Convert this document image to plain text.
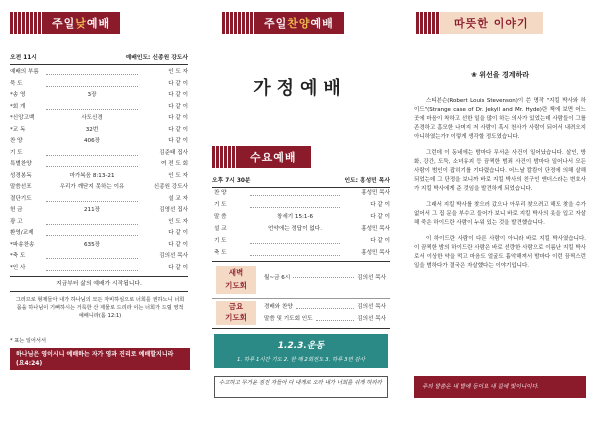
주일 낮 예배
오전 11시	예배인도: 신종원 강도사
예배의 부름	인 도 자
묵 도	다 같 이
*송 영	3장	다 같 이
*회 개	다 같 이
*신앙고백	사도신경	다 같 이
*교 독	32번	다 같 이
찬 양	406장	다 같 이
기 도	김준태 집사
특별찬양	여 전 도 회
성경봉독	마가복음 8:13-21	인 도 자
말씀선포	우리가 깨닫지 못하는 이유	신종원 강도사
결단기도	설 교 자
헌 금	211장	김영선 집사
광 고	인 도 자
환영/교제	다 같 이
*파송찬송	635장	다 같 이
*축 도	김의선 목사
*인 사	다 같 이
지금부터 삶의 예배가 시작됩니다.
그러므로 형제들아 내가 하나님의 모든 자비하심으로 너희를 권하노니 너희 몸을 하나님이 기뻐하시는 거룩한 산 제물로 드리라 이는 너희가 드릴 영적 예배니라(롬 12:1)
* 표는 일어서서
하나님은 영이시니 예배하는 자가 영과 진리로 예배할지니라 (요4:24)
주일 찬양 예배
가정예배
수요예배
오후 7시 30분	인도: 홍성민 목사
찬 양	홍성민 목사
기 도	다 같 이
말 씀	창세기 15:1-6	다 같 이
설 교	언약에는 정답이 없다.	홍성민 목사
기 도	다 같 이
축 도	홍성민 목사
새벽
기도회
월~금 6시	김의선 목사
금요
기도회
경배와 찬양	김의선 목사
말씀 및 기도회 인도	김의선 목사
1.2.3.운동
1. 하루 1시간 기도 2. 한 해 2회전도 3. 하루 3번 감사
수고하고 무거운 짐진 자들아 다 내게로 오라 내가 너희를 쉬게 하리라
따뜻한 이야기
❀ 위선을 경계하라

스티븐슨(Robert Louis Stevenson)이 쓴 명작 "지킬 박사와 하이드"(Strange case of Dr. Jekyll and Mr. Hyde)란 책에 보면 어느 곳에 마음이 착하고 선한 일을 많이 하는 의사가 있었는데 사람들이 그를 존경하고 흠모한 나머지 저 사람이 혹시 천사가 사람이 되어서 내려오지 아니하였는가? 이렇게 생각할 정도였습니다.

그런데 이 동네에는 밤마다 무서운 사건이 일어났습니다. 살인, 방화, 강간, 도둑, 소녀유괴 등 끔찍한 범죄 사건이 밤마다 일어나서 모든 사람이 범인이 잡히기를 기다렸습니다. 어느날 칼캄이 단정에 의해 살해되었는데 그 단정을 보니까 바로 지킬 박사의 친구인 앤더스라는 변호사가 지킬 박사에게 준 것임을 발견하게 되었습니다.

그래서 지킬 박사를 찾으러 갔으나 아무리 찾으려고 해도 찾을 수가 없어서 그 집 문을 부수고 들어가 보니 바로 지킬 박사의 옷을 입고 자살해 죽은 하이드란 사람이 누워 있는 것을 발견했습니다.

이 하이드란 사람이 다른 사람이 아니라 바로 지킬 박사였습니다. 이 끔찍한 밤의 하이드란 사람은 바로 선량한 사람으로 이름난 지킬 박사로서 이상한 약을 먹고 마음도 얼굴도 흉악해져서 밤마다 이런 끔찍스런 일을 범하다가 결국은 자살했다는 이야기입니다.

주의 말씀은 내 발에 등이요 내 길에 빛이니이다.
